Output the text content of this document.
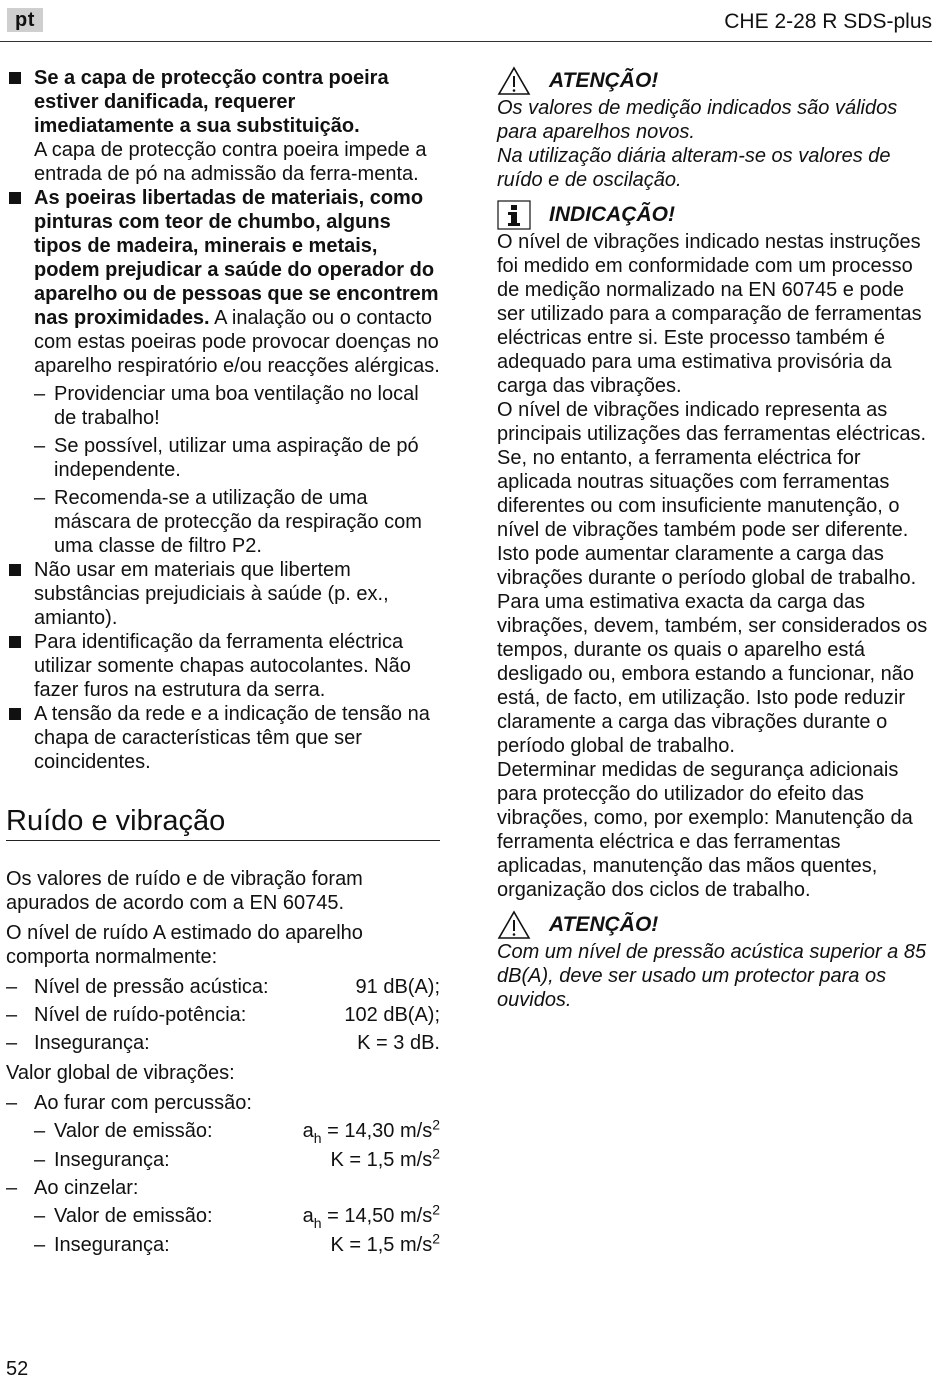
pt	CHE 2-28 R SDS-plus
Se a capa de protecção contra poeira estiver danificada, requerer imediatamente a sua substituição.
A capa de protecção contra poeira impede a entrada de pó na admissão da ferra-menta.
As poeiras libertadas de materiais, como pinturas com teor de chumbo, alguns tipos de madeira, minerais e metais, podem prejudicar a saúde do operador do aparelho ou de pessoas que se encontrem nas proximidades. A inalação ou o contacto com estas poeiras pode provocar doenças no aparelho respiratório e/ou reacções alérgicas.
– Providenciar uma boa ventilação no local de trabalho!
– Se possível, utilizar uma aspiração de pó independente.
– Recomenda-se a utilização de uma máscara de protecção da respiração com uma classe de filtro P2.
Não usar em materiais que libertem substâncias prejudiciais à saúde (p. ex., amianto).
Para identificação da ferramenta eléctrica utilizar somente chapas autocolantes. Não fazer furos na estrutura da serra.
A tensão da rede e a indicação de tensão na chapa de características têm que ser coincidentes.
Ruído e vibração

Os valores de ruído e de vibração foram apurados de acordo com a EN 60745.

O nível de ruído A estimado do aparelho comporta normalmente:

– Nível de pressão acústica:	91 dB(A);
– Nível de ruído-potência:	102 dB(A);
– Insegurança:	K = 3 dB.

Valor global de vibrações:

– Ao furar com percussão:
– Valor de emissão:	$a_h = 14,30$ $m/s^2$
– Insegurança:	K = 1,5 $m/s^2$
– Ao cinzelar:
– Valor de emissão:	$a_h = 14,50$ $m/s^2$
– Insegurança:	K = 1,5 $m/s^2$
ATENÇÃO!
Os valores de medição indicados são válidos para aparelhos novos.
Na utilização diária alteram-se os valores de ruído e de oscilação.
INDICAÇÃO!
O nível de vibrações indicado nestas instruções foi medido em conformidade com um processo de medição normalizado na EN 60745 e pode ser utilizado para a comparação de ferramentas eléctricas entre si. Este processo também é adequado para uma estimativa provisória da carga das vibrações.
O nível de vibrações indicado representa as principais utilizações das ferramentas eléctricas. Se, no entanto, a ferramenta eléctrica for aplicada noutras situações com ferramentas diferentes ou com insuficiente manutenção, o nível de vibrações também pode ser diferente. Isto pode aumentar claramente a carga das vibrações durante o período global de trabalho.
Para uma estimativa exacta da carga das vibrações, devem, também, ser considerados os tempos, durante os quais o aparelho está desligado ou, embora estando a funcionar, não está, de facto, em utilização. Isto pode reduzir claramente a carga das vibrações durante o período global de trabalho.
Determinar medidas de segurança adicionais para protecção do utilizador do efeito das vibrações, como, por exemplo: Manutenção da ferramenta eléctrica e das ferramentas aplicadas, manutenção das mãos quentes, organização dos ciclos de trabalho.
ATENÇÃO!
Com um nível de pressão acústica superior a 85 dB(A), deve ser usado um protector para os ouvidos.
52
